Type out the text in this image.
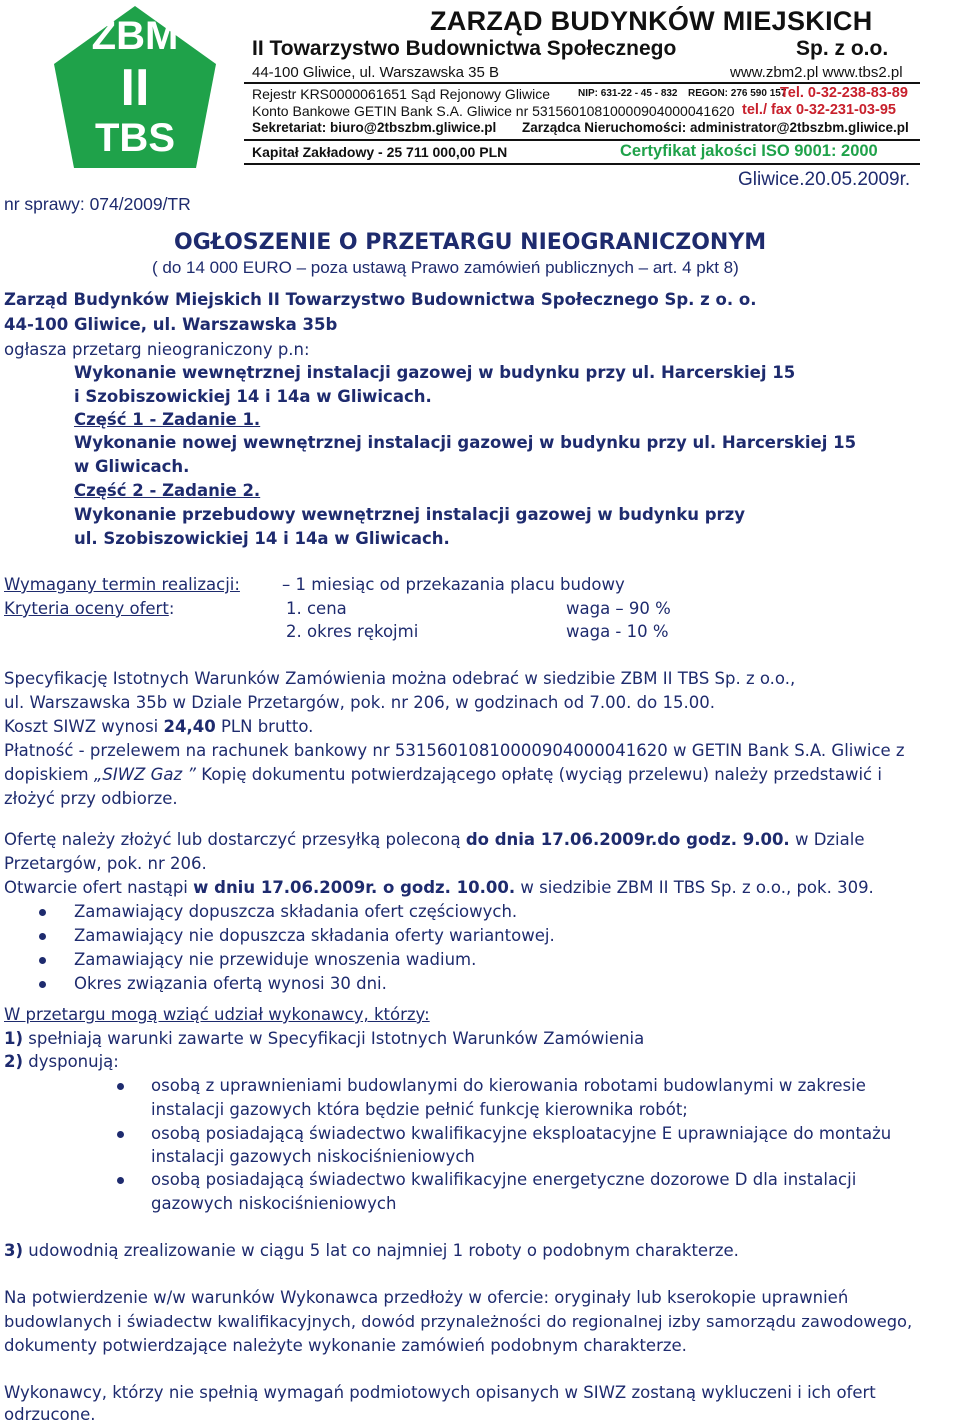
ZBM
II
TBS
ZARZĄD BUDYNKÓW MIEJSKICH
II Towarzystwo Budownictwa Społecznego	Sp. z o.o.
44-100 Gliwice, ul. Warszawska 35 B	www.zbm2.pl www.tbs2.pl
Rejestr KRS0000061651 Sąd Rejonowy Gliwice	NIP: 631-22 - 45 - 832 REGON: 276 590 157
Tel. 0-32-238-83-89
Konto Bankowe GETIN Bank S.A. Gliwice nr 53156010810000904000041620 tel./ fax 0-32-231-03-95
Sekretariat: biuro@2tbszbm.gliwice.pl Zarządca Nieruchomości: administrator@2tbszbm.gliwice.pl
Kapitał Zakładowy - 25 711 000,00 PLN	Certyfikat jakości ISO 9001: 2000
Gliwice.20.05.2009r.
nr sprawy: 074/2009/TR
OGŁOSZENIE O PRZETARGU NIEOGRANICZONYM
( do 14 000 EURO – poza ustawą Prawo zamówień publicznych – art. 4 pkt 8)
Zarząd Budynków Miejskich II Towarzystwo Budownictwa Społecznego Sp. z o. o.
44-100 Gliwice, ul. Warszawska 35b
ogłasza przetarg nieograniczony p.n:
Wykonanie wewnętrznej instalacji gazowej w budynku przy ul. Harcerskiej 15
i Szobiszowickiej 14 i 14a w Gliwicach.
Część 1 - Zadanie 1.
Wykonanie nowej wewnętrznej instalacji gazowej w budynku przy ul. Harcerskiej 15
w Gliwicach.
Część 2 - Zadanie 2.
Wykonanie przebudowy wewnętrznej instalacji gazowej w budynku przy
ul. Szobiszowickiej 14 i 14a w Gliwicach.
Wymagany termin realizacji:	– 1 miesiąc od przekazania placu budowy
Kryteria oceny ofert:	1. cena	waga – 90 %
2. okres rękojmi	waga - 10 %
Specyfikację Istotnych Warunków Zamówienia można odebrać w siedzibie ZBM II TBS Sp. z o.o.,
ul. Warszawska 35b w Dziale Przetargów, pok. nr 206, w godzinach od 7.00. do 15.00.
Koszt SIWZ wynosi 24,40 PLN brutto.
Płatność - przelewem na rachunek bankowy nr 53156010810000904000041620 w GETIN Bank S.A. Gliwice z
dopiskiem „SIWZ Gaz ” Kopię dokumentu potwierdzającego opłatę (wyciąg przelewu) należy przedstawić i
złożyć przy odbiorze.
Ofertę należy złożyć lub dostarczyć przesyłką poleconą do dnia 17.06.2009r.do godz. 9.00. w Dziale
Przetargów, pok. nr 206.
Otwarcie ofert nastąpi w dniu 17.06.2009r. o godz. 10.00. w siedzibie ZBM II TBS Sp. z o.o., pok. 309.
Zamawiający dopuszcza składania ofert częściowych.
Zamawiający nie dopuszcza składania oferty wariantowej.
Zamawiający nie przewiduje wnoszenia wadium.
Okres związania ofertą wynosi 30 dni.
W przetargu mogą wziąć udział wykonawcy, którzy:
1) spełniają warunki zawarte w Specyfikacji Istotnych Warunków Zamówienia
2) dysponują:
osobą z uprawnieniami budowlanymi do kierowania robotami budowlanymi w zakresie
instalacji gazowych która będzie pełnić funkcję kierownika robót;
osobą posiadającą świadectwo kwalifikacyjne eksploatacyjne E uprawniające do montażu
instalacji gazowych niskociśnieniowych
osobą posiadającą świadectwo kwalifikacyjne energetyczne dozorowe D dla instalacji
gazowych niskociśnieniowych
3) udowodnią zrealizowanie w ciągu 5 lat co najmniej 1 roboty o podobnym charakterze.
Na potwierdzenie w/w warunków Wykonawca przedłoży w ofercie: oryginały lub kserokopie uprawnień
budowlanych i świadectw kwalifikacyjnych, dowód przynależności do regionalnej izby samorządu zawodowego,
dokumenty potwierdzające należyte wykonanie zamówień podobnym charakterze.
Wykonawcy, którzy nie spełnią wymagań podmiotowych opisanych w SIWZ zostaną wykluczeni i ich ofert
odrzucone.
